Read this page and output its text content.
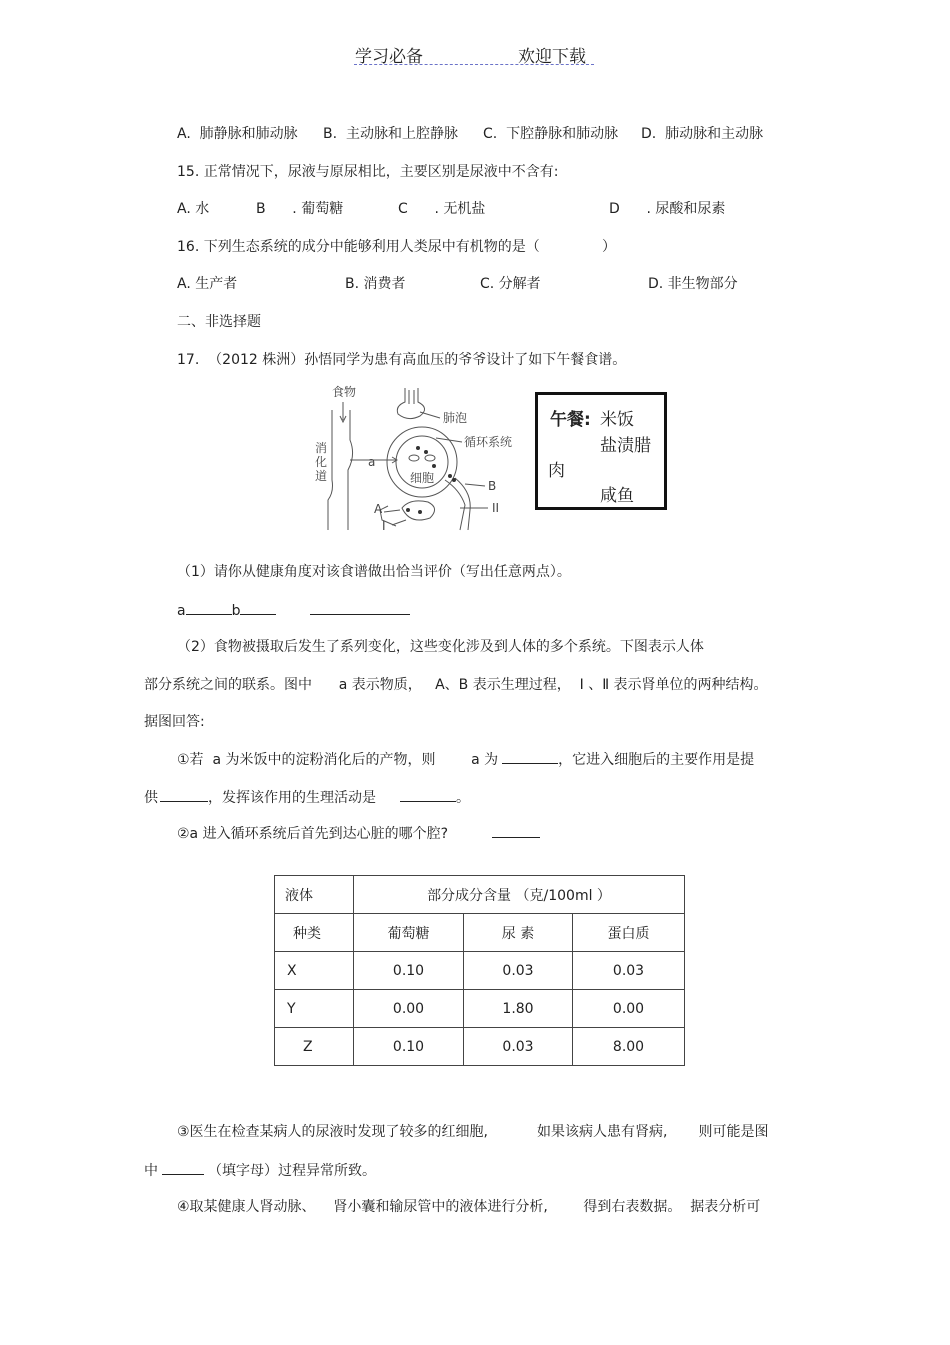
学习必备	欢迎下载
A.  肺静脉和肺动脉 B.  主动脉和上腔静脉 C.  下腔静脉和肺动脉 D.  肺动脉和主动脉
15. 正常情况下，尿液与原尿相比，主要区别是尿液中不含有:
A. 水	B      . 葡萄糖	C      . 无机盐	D      . 尿酸和尿素
16. 下列生态系统的成分中能够利用人类尿中有机物的是（              ）
A. 生产者	B. 消费者	C. 分解者	D. 非生物部分
二、非选择题
17.  （2012 株洲）孙悟同学为患有高血压的爷爷设计了如下午餐食谱。
食物
肺泡
循环系统
消
化
道
a
细胞
A
B
I
II
午餐: 米饭
盐渍腊
肉
咸鱼
（1）请你从健康角度对该食谱做出恰当评价（写出任意两点）。
a	b
（2）食物被摄取后发生了系列变化，这些变化涉及到人体的多个系统。下图表示人体
部分系统之间的联系。图中      a 表示物质，   A、B 表示生理过程，  Ⅰ 、Ⅱ 表示肾单位的两种结构。
据图回答:
①若  a 为米饭中的淀粉消化后的产物，则        a 为	，它进入细胞后的主要作用是提
供	，发挥该作用的生理活动是	。
②a 进入循环系统后首先到达心脏的哪个腔?
液体	部分成分含量 （克/100ml ）		
种类	葡萄糖	尿 素	蛋白质
X	0.10	0.03	0.03
Y	0.00	1.80	0.00
Z	0.10	0.03	8.00
③医生在检查某病人的尿液时发现了较多的红细胞,           如果该病人患有肾病,       则可能是图
中	（填字母）过程异常所致。
④取某健康人肾动脉、    肾小囊和输尿管中的液体进行分析,        得到右表数据。  据表分析可
